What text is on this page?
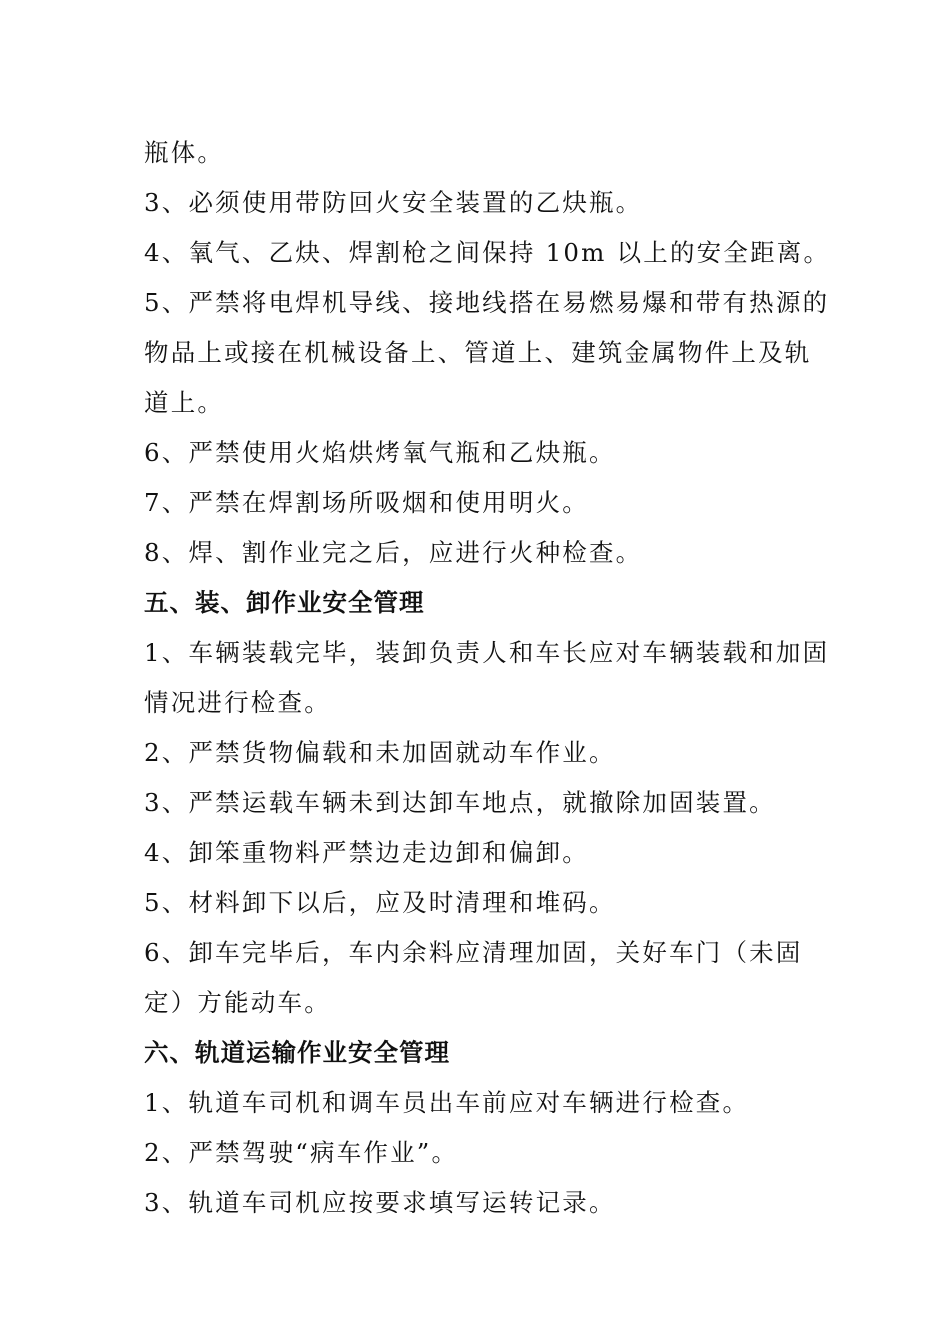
瓶体。
3、必须使用带防回火安全装置的乙炔瓶。
4、氧气、乙炔、焊割枪之间保持 10m 以上的安全距离。
5、严禁将电焊机导线、接地线搭在易燃易爆和带有热源的
物品上或接在机械设备上、管道上、建筑金属物件上及轨
道上。
6、严禁使用火焰烘烤氧气瓶和乙炔瓶。
7、严禁在焊割场所吸烟和使用明火。
8、焊、割作业完之后，应进行火种检查。
五、装、卸作业安全管理
1、车辆装载完毕，装卸负责人和车长应对车辆装载和加固
情况进行检查。
2、严禁货物偏载和未加固就动车作业。
3、严禁运载车辆未到达卸车地点，就撤除加固装置。
4、卸笨重物料严禁边走边卸和偏卸。
5、材料卸下以后，应及时清理和堆码。
6、卸车完毕后，车内余料应清理加固，关好车门（未固
定）方能动车。
六、轨道运输作业安全管理
1、轨道车司机和调车员出车前应对车辆进行检查。
2、严禁驾驶“病车作业”。
3、轨道车司机应按要求填写运转记录。
